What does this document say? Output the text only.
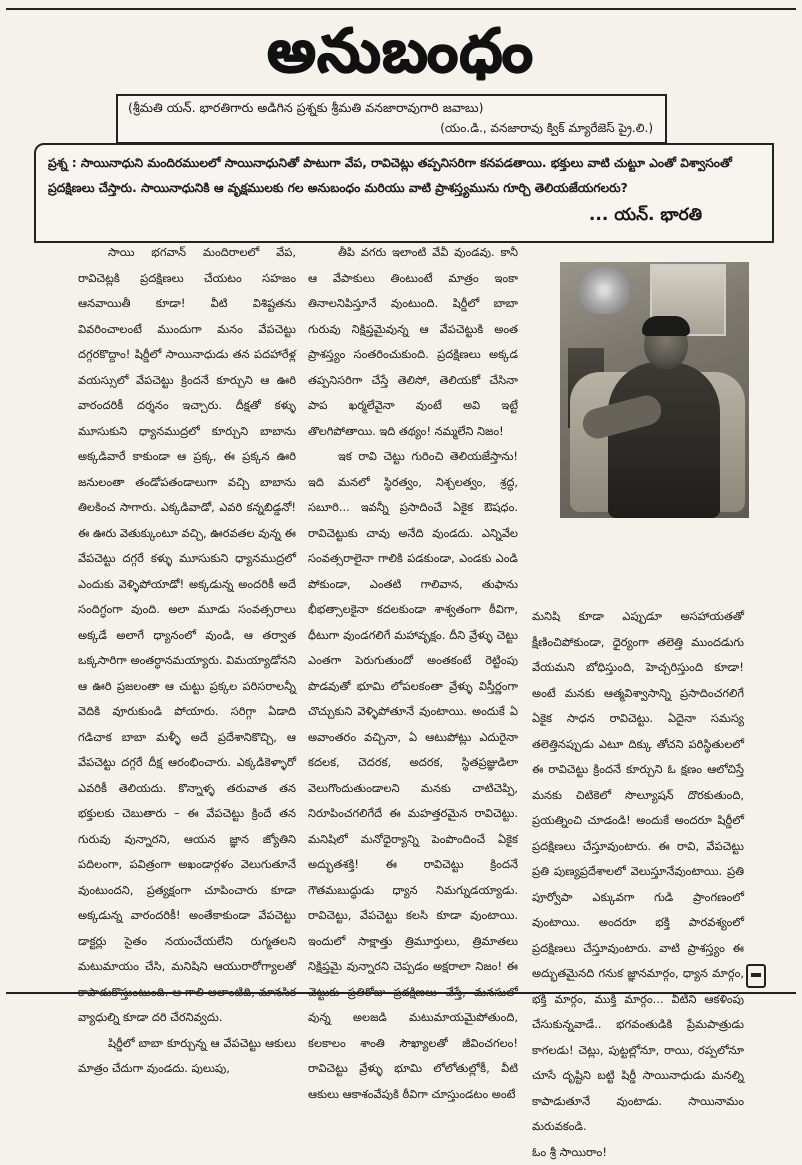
అనుబంధం
(శ్రీమతి యన్. భారతిగారు అడిగిన ప్రశ్నకు శ్రీమతి వనజారావుగారి జవాబు)
(యం.డి., వనజారావు క్విక్ మ్యారేజెస్ ప్రై.లి.)
ప్రశ్న : సాయినాధుని మందిరములలో సాయినాధునితో పాటుగా వేప, రావిచెట్లు తప్పనిసరిగా కనపడతాయి. భక్తులు వాటి చుట్టూ ఎంతో విశ్వాసంతో ప్రదక్షిణలు చేస్తారు. సాయినాధునికి ఆ వృక్షములకు గల అనుబంధం మరియు వాటి ప్రాశస్త్యమును గూర్చి తెలియజేయగలరు?
... యన్. భారతి

సాయి భగవాన్ మందిరాలలో వేప, రావిచెట్లకి ప్రదక్షిణలు చేయటం సహజం ఆనవాయితీ కూడా! వీటి విశిష్టతను వివరించాలంటే ముందుగా మనం వేపచెట్టు దగ్గరకొద్దాం! షిర్డీలో సాయినాధుడు తన పదహారేళ్ల వయస్సులో వేపచెట్టు క్రిందనే కూర్చుని ఆ ఊరి వారందరికీ దర్శనం ఇచ్చారు. దీక్షతో కళ్ళు మూసుకుని ధ్యానముద్రలో కూర్చుని బాబాను అక్కడివారే కాకుండా ఆ ప్రక్క, ఈ ప్రక్కన ఊరి జనులంతా తండోపతండాలుగా వచ్చి బాబాను తిలకించ సాగారు. ఎక్కడివాడో, ఎవరి కన్నబిడ్డనో! ఈ ఊరు వెతుక్కుంటూ వచ్చి, ఊరవతల వున్న ఈ వేపచెట్టు దగ్గరే కళ్ళు మూసుకుని ధ్యానముద్రలో ఎందుకు వెళ్ళిపోయాడో! అక్కడున్న అందరికీ అదే సందిగ్ధంగా వుంది. అలా మూడు సంవత్సరాలు అక్కడే అలాగే ధ్యానంలో వుండి, ఆ తర్వాత ఒక్కసారిగా అంతర్ధానమయ్యారు. విమయ్యాడోనని ఆ ఊరి ప్రజలంతా ఆ చుట్టు ప్రక్కల పరిసరాలన్నీ వెదికి వూరుకుండి పోయారు. సరిగ్గా ఏడాది గడిచాక బాబా మళ్ళీ అదే ప్రదేశానికొచ్చి, ఆ వేపచెట్టు దగ్గరే దీక్ష ఆరంభించారు. ఎక్కడికెళ్ళారో ఎవరికీ తెలియదు. కొన్నాళ్ళ తరువాత తన భక్తులకు చెబుతారు – ఈ వేపచెట్టు క్రిందే తన గురువు వున్నారని, ఆయన జ్ఞాన జ్యోతిని పదిలంగా, పవిత్రంగా అఖండార్గళం వెలుగుతూనే వుంటుందని, ప్రత్యక్షంగా చూపించారు కూడా అక్కడున్న వారందరికీ! అంతేకాకుండా వేపచెట్టు డాక్టర్లు సైతం నయంచేయలేని రుగ్మతలని మటుమాయం చేసి, మనిషిని ఆయురారోగ్యాలతో కాపాడుకొస్తుంటుంది. ఆ గాలి అలాంటిది, మానసిక వ్యాధుల్ని కూడా దరి చేరనివ్వదు.

షిర్డీలో బాబా కూర్చున్న ఆ వేపచెట్టు ఆకులు మాత్రం చేదుగా వుండదు. పులుపు,

తీపి వగరు ఇలాంటి వేవీ వుండవు. కానీ ఆ వేపాకులు తింటుంటే మాత్రం ఇంకా తినాలనిపిస్తూనే వుంటుంది. షిర్డీలో బాబా గురువు నిక్షిప్తమైవున్న ఆ వేపచెట్టుకి అంత ప్రాశస్త్యం సంతరించుకుంది. ప్రదక్షిణలు అక్కడ తప్పనిసరిగా చేస్తే తెలిసో, తెలియకో చేసినా పాప ఖర్మలేవైనా వుంటే అవి ఇట్టే తొలగిపోతాయి. ఇది తథ్యం! నమ్మలేని నిజం!

ఇక రావి చెట్టు గురించి తెలియజేస్తాను! ఇది మనలో స్థిరత్వం, నిశ్చలత్వం, శ్రద్ధ, సబూరి... ఇవన్నీ ప్రసాదించే ఏకైక ఔషధం. రావిచెట్టుకు చావు అనేది వుండదు. ఎన్నివేల సంవత్సరాలైనా గాలికి పడకుండా, ఎండకు ఎండి పోకుండా, ఎంతటి గాలివాన, తుఫాను భీభత్సాలకైనా కదలకుండా శాశ్వతంగా ఠీవిగా, ధీటుగా వుండగలిగే మహావృక్షం. దీని వ్రేళ్ళు చెట్టు ఎంతగా పెరుగుతుందో అంతకంటే రెట్టింపు పొడవుతో భూమి లోపలకంతా వ్రేళ్ళు విస్తీర్ణంగా చొచ్చుకుని వెళ్ళిపోతూనే వుంటాయి. అందుకే ఏ అవాంతరం వచ్చినా, ఏ ఆటుపోట్లు ఎదురైనా కదలక, చెదరక, అదరక, స్థితప్రజ్ఞుడిలా వెలుగొందుతుండాలని మనకు చాటిచెప్పి, నిరూపించగలిగేదే ఈ మహత్తరమైన రావిచెట్టు. మనిషిలో మనోధైర్యాన్ని పెంపొందించే ఏకైక అద్భుతశక్తి! ఈ రావిచెట్టు క్రిందనే గౌతమబుద్ధుడు ధ్యాన నిమగ్నుడయ్యాడు. రావిచెట్టు, వేపచెట్టు కలసి కూడా వుంటాయి. ఇందులో సాక్షాత్తు త్రిమూర్తులు, త్రిమాతలు నిక్షిప్తమై వున్నారని చెప్పడం అక్షరాలా నిజం! ఈ చెట్టుకు ప్రతిరోజు ప్రదక్షిణలు చేస్తే, మనసులో వున్న అలజడి మటుమాయమైపోతుంది, కలకాలం శాంతి సౌఖ్యాలతో జీవించగలం! రావిచెట్టు వ్రేళ్ళు భూమి లోలోతుల్లోకీ, వీటి ఆకులు ఆకాశంవేపుకి ఠీవిగా చూస్తుండటం అంటే

మనిషి కూడా ఎప్పుడూ అసహాయతతో క్షీణించిపోకుండా, ధైర్యంగా తలెత్తి ముందడుగు వేయమని బోధిస్తుంది, హెచ్చరిస్తుంది కూడా! అంటే మనకు ఆత్మవిశ్వాసాన్ని ప్రసాదించగలిగే ఏకైక సాధన రావిచెట్టు. ఏదైనా సమస్య తలెత్తినప్పుడు ఎటూ దిక్కు తోచని పరిస్థితులలో ఈ రావిచెట్టు క్రిందనే కూర్చుని ఓ క్షణం ఆలోచిస్తే మనకు చిటికెలో సొల్యూషన్ దొరకుతుంది, ప్రయత్నించి చూడండి! అందుకే అందరూ షిర్డీలో ప్రదక్షిణలు చేస్తూవుంటారు. ఈ రావి, వేపచెట్టు ప్రతి పుణ్యప్రదేశాలలో వెలుస్తూనేవుంటాయి. ప్రతి పూర్వోపా ఎక్కువగా గుడి ప్రాంగణంలో వుంటాయి. అందరూ భక్తి పారవశ్యంలో ప్రదక్షిణలు చేస్తూవుంటారు. వాటి ప్రాశస్త్యం ఈ అద్భుతమైనది గనుక జ్ఞానమార్గం, ధ్యాన మార్గం, భక్తి మార్గం, ముక్తి మార్గం... వీటిని ఆకళింపు చేసుకున్నవాడే.. భగవంతుడికి ప్రేమపాత్రుడు కాగలడు! చెట్లు, పుట్టల్లోనూ, రాయి, రప్పలోనూ చూసే దృష్టిని బట్టి షిర్డీ సాయినాధుడు మనల్ని కాపాడుతూనే వుంటాడు. సాయినామం మరువకండి.

ఓం శ్రీ సాయిరాం!
